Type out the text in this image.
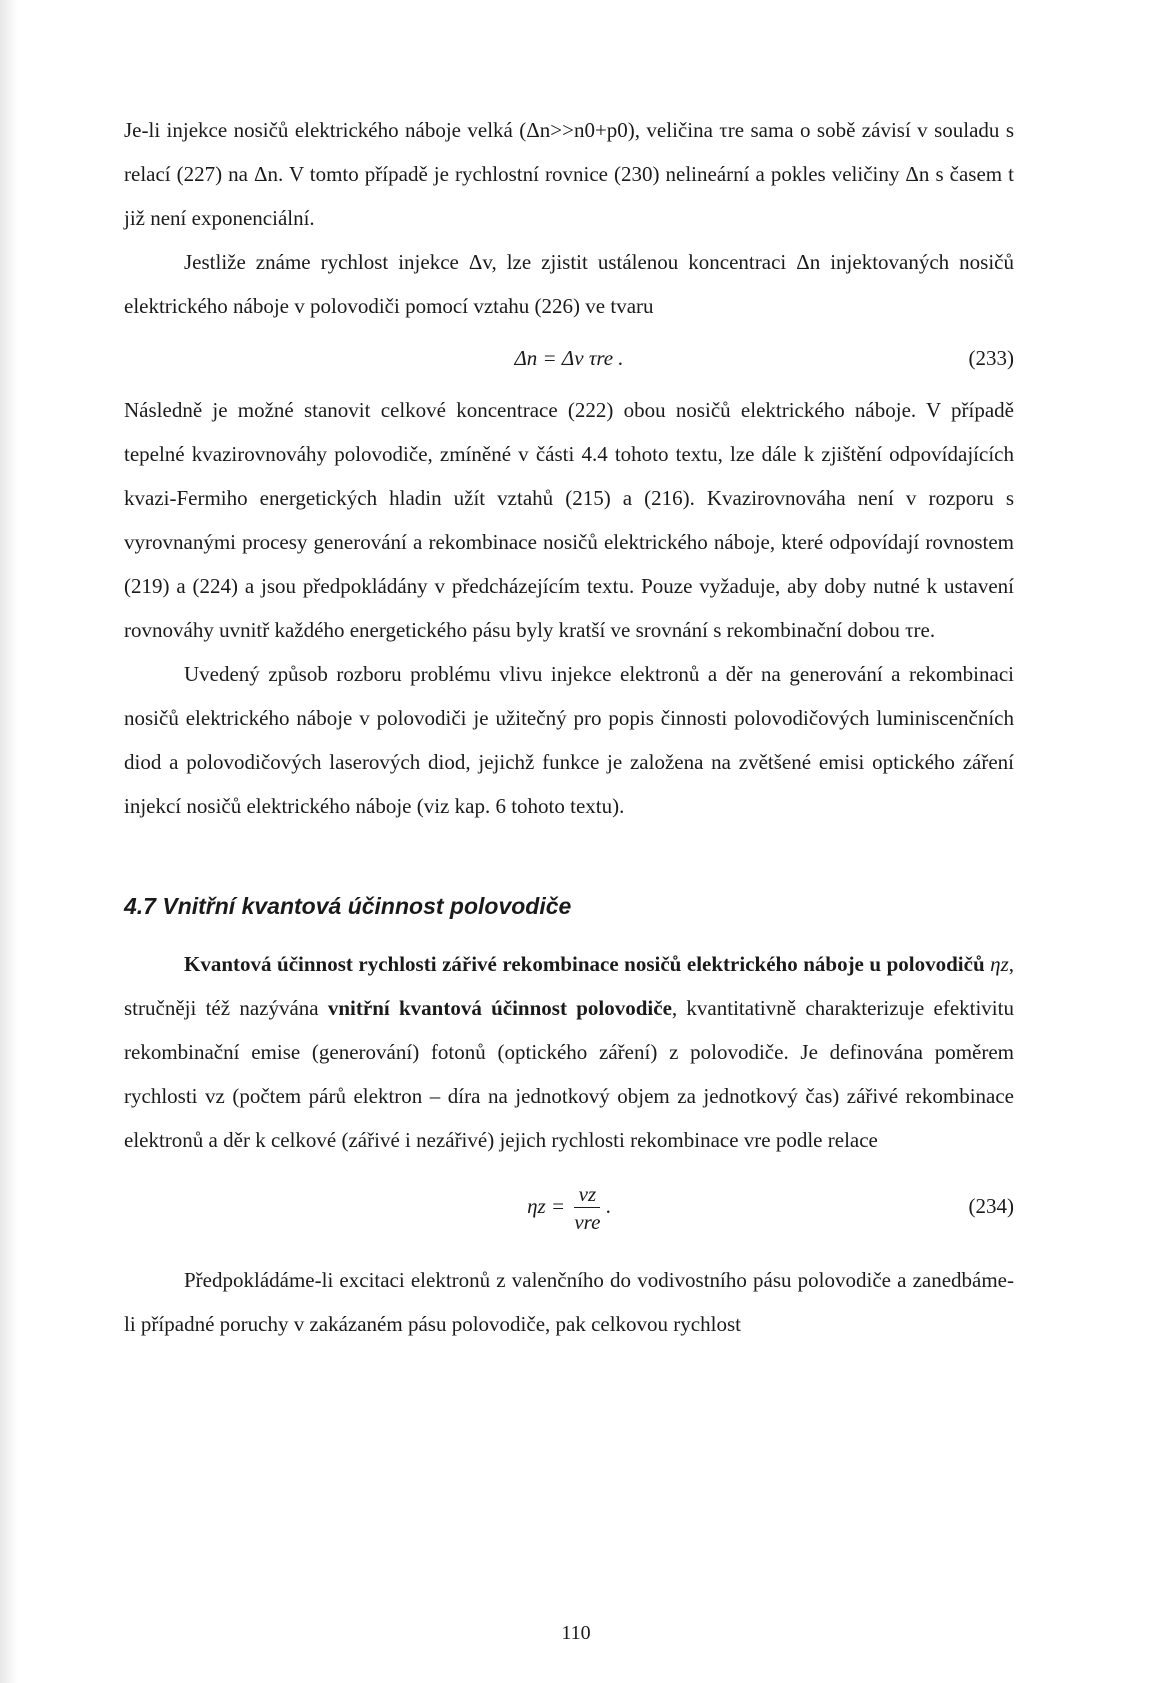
Je-li injekce nosičů elektrického náboje velká (Δn>>n0+p0), veličina τre sama o sobě závisí v souladu s relací (227) na Δn. V tomto případě je rychlostní rovnice (230) nelineární a pokles veličiny Δn s časem t již není exponenciální.

Jestliže známe rychlost injekce Δv, lze zjistit ustálenou koncentraci Δn injektovaných nosičů elektrického náboje v polovodiči pomocí vztahu (226) ve tvaru

Δn = Δv τre .	(233)

Následně je možné stanovit celkové koncentrace (222) obou nosičů elektrického náboje. V případě tepelné kvazirovnováhy polovodiče, zmíněné v části 4.4 tohoto textu, lze dále k zjištění odpovídajících kvazi-Fermiho energetických hladin užít vztahů (215) a (216). Kvazirovnováha není v rozporu s vyrovnanými procesy generování a rekombinace nosičů elektrického náboje, které odpovídají rovnostem (219) a (224) a jsou předpokládány v předcházejícím textu. Pouze vyžaduje, aby doby nutné k ustavení rovnováhy uvnitř každého energetického pásu byly kratší ve srovnání s rekombinační dobou τre.

Uvedený způsob rozboru problému vlivu injekce elektronů a děr na generování a rekombinaci nosičů elektrického náboje v polovodiči je užitečný pro popis činnosti polovodičových luminiscenčních diod a polovodičových laserových diod, jejichž funkce je založena na zvětšené emisi optického záření injekcí nosičů elektrického náboje (viz kap. 6 tohoto textu).

4.7 Vnitřní kvantová účinnost polovodiče

Kvantová účinnost rychlosti zářivé rekombinace nosičů elektrického náboje u polovodičů ηz, stručněji též nazývána vnitřní kvantová účinnost polovodiče, kvantitativně charakterizuje efektivitu rekombinační emise (generování) fotonů (optického záření) z polovodiče. Je definována poměrem rychlosti vz (počtem párů elektron – díra na jednotkový objem za jednotkový čas) zářivé rekombinace elektronů a děr k celkové (zářivé i nezářivé) jejich rychlosti rekombinace vre podle relace

$\eta z = \frac{vz}{\text{vre}}$ .	(234)

Předpokládáme-li excitaci elektronů z valenčního do vodivostního pásu polovodiče a zanedbáme-li případné poruchy v zakázaném pásu polovodiče, pak celkovou rychlost

110
